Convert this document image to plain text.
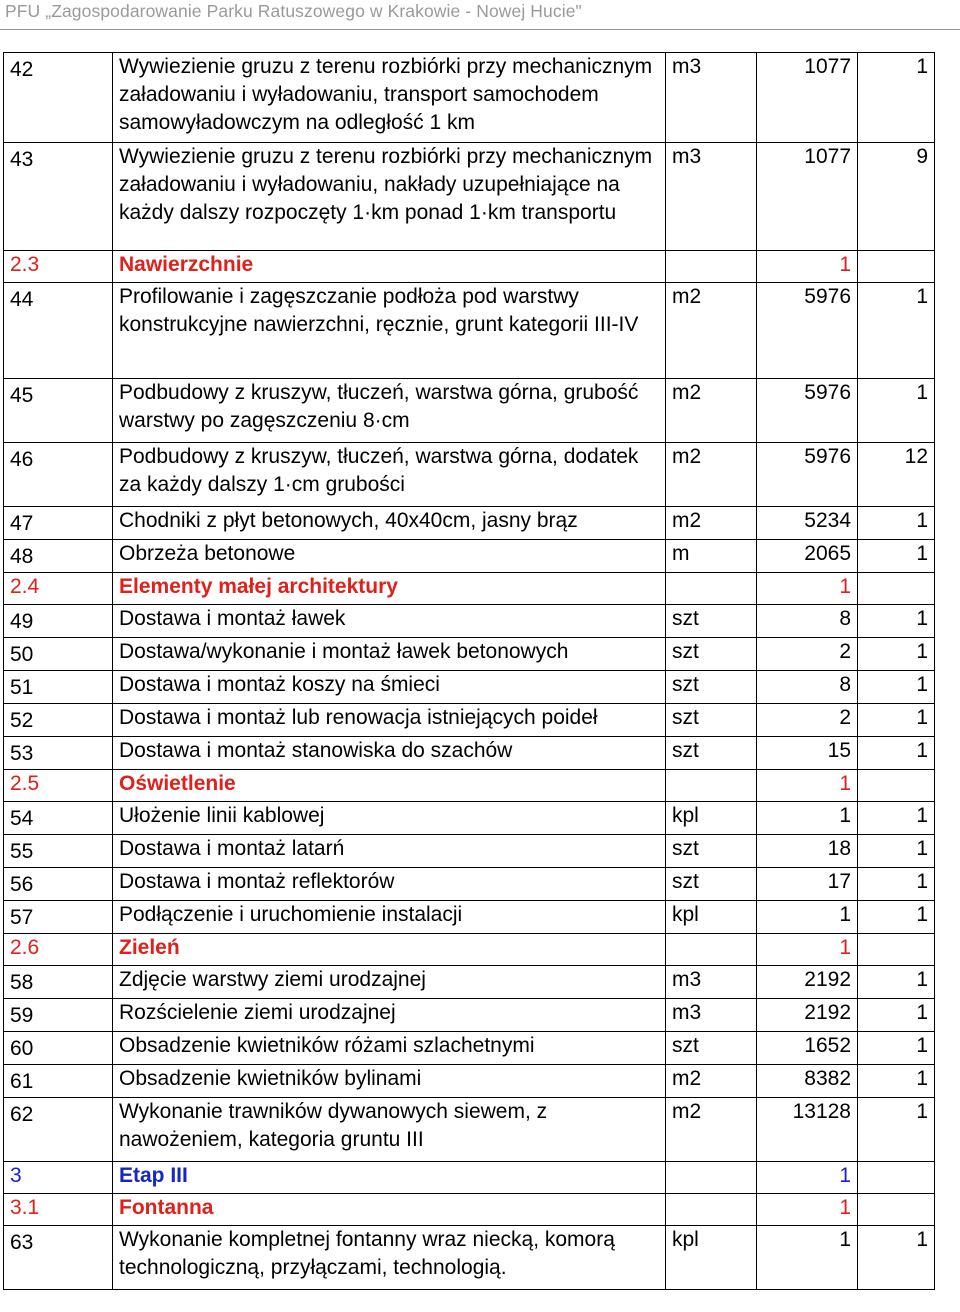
PFU „Zagospodarowanie Parku Ratuszowego w Krakowie - Nowej Hucie"
42	Wywiezienie gruzu z terenu rozbiórki przy mechanicznym załadowaniu i wyładowaniu, transport samochodem samowyładowczym na odległość 1 km	m3	1077	1
43	Wywiezienie gruzu z terenu rozbiórki przy mechanicznym załadowaniu i wyładowaniu, nakłady uzupełniające na każdy dalszy rozpoczęty 1·km ponad 1·km transportu	m3	1077	9
2.3	Nawierzchnie		1	
44	Profilowanie i zagęszczanie podłoża pod warstwy konstrukcyjne nawierzchni, ręcznie, grunt kategorii III-IV	m2	5976	1
45	Podbudowy z kruszyw, tłuczeń, warstwa górna, grubość warstwy po zagęszczeniu 8·cm	m2	5976	1
46	Podbudowy z kruszyw, tłuczeń, warstwa górna, dodatek za każdy dalszy 1·cm grubości	m2	5976	12
47	Chodniki z płyt betonowych, 40x40cm, jasny brąz	m2	5234	1
48	Obrzeża betonowe	m	2065	1
2.4	Elementy małej architektury		1	
49	Dostawa i montaż ławek	szt	8	1
50	Dostawa/wykonanie i montaż ławek betonowych	szt	2	1
51	Dostawa i montaż koszy na śmieci	szt	8	1
52	Dostawa i montaż lub renowacja istniejących poideł	szt	2	1
53	Dostawa i montaż stanowiska do szachów	szt	15	1
2.5	Oświetlenie		1	
54	Ułożenie linii kablowej	kpl	1	1
55	Dostawa i montaż latarń	szt	18	1
56	Dostawa i montaż reflektorów	szt	17	1
57	Podłączenie i uruchomienie instalacji	kpl	1	1
2.6	Zieleń		1	
58	Zdjęcie warstwy ziemi urodzajnej	m3	2192	1
59	Rozścielenie ziemi urodzajnej	m3	2192	1
60	Obsadzenie kwietników różami szlachetnymi	szt	1652	1
61	Obsadzenie kwietników bylinami	m2	8382	1
62	Wykonanie trawników dywanowych siewem, z nawożeniem, kategoria gruntu III	m2	13128	1
3	Etap III		1	
3.1	Fontanna		1	
63	Wykonanie kompletnej fontanny wraz niecką, komorą technologiczną, przyłączami, technologią.	kpl	1	1
